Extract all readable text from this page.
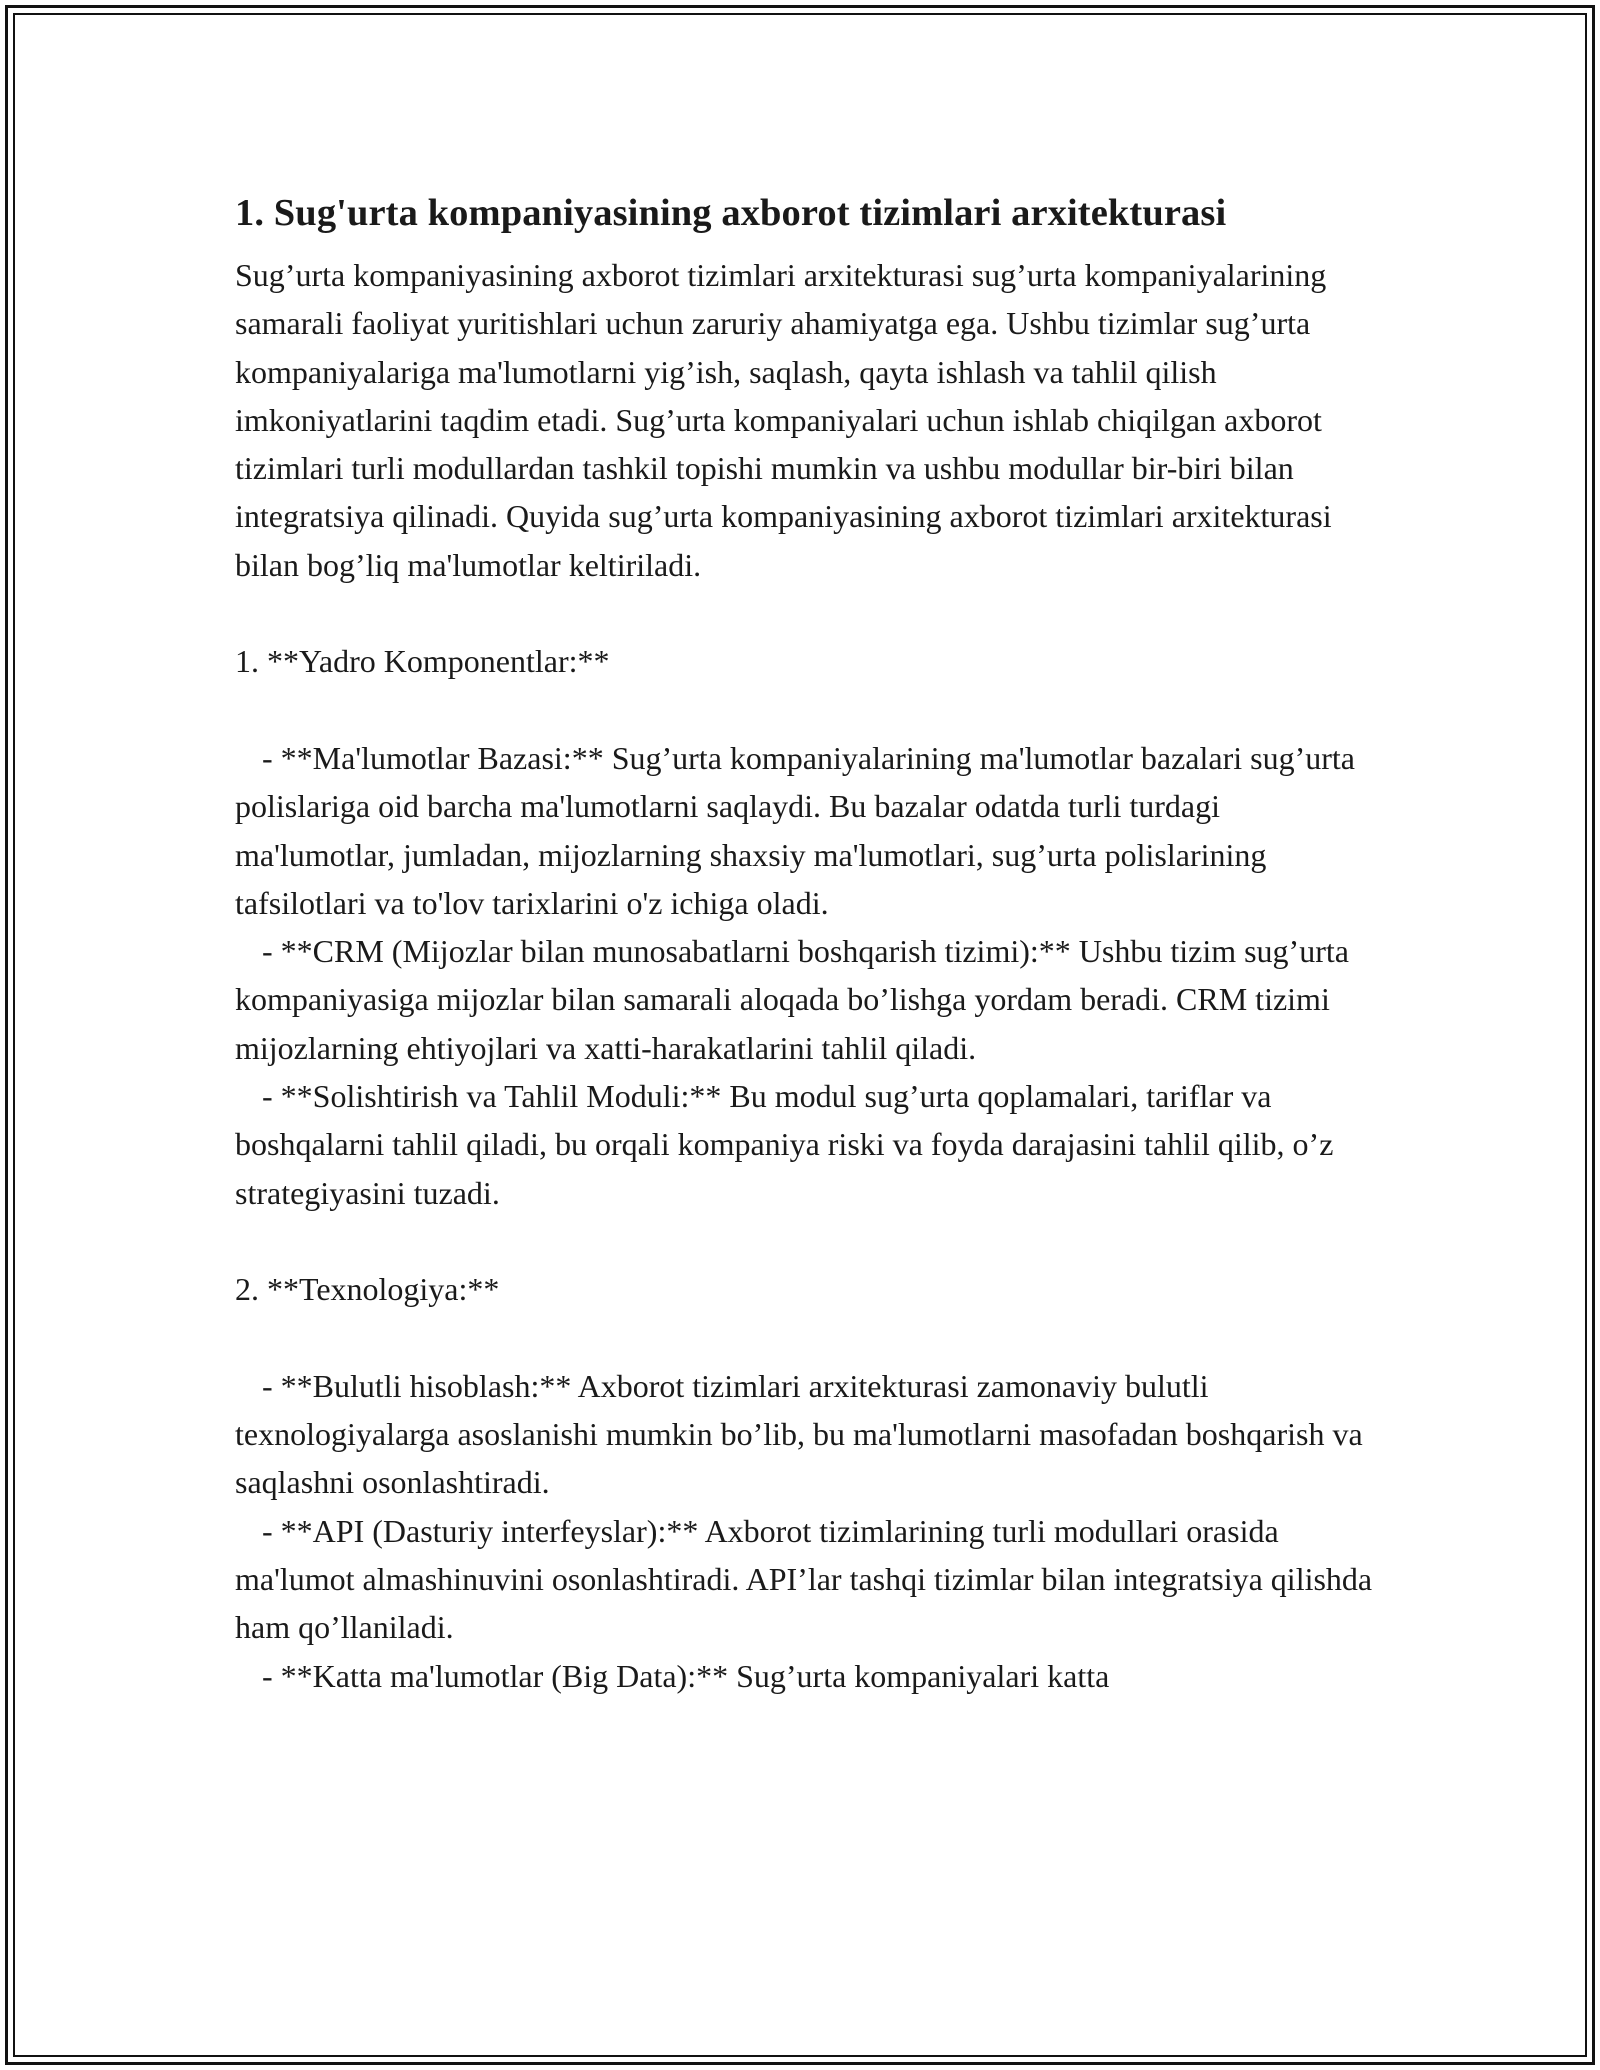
1. Sug'urta kompaniyasining axborot tizimlari arxitekturasi

Sug’urta kompaniyasining axborot tizimlari arxitekturasi sug’urta kompaniyalarining samarali faoliyat yuritishlari uchun zaruriy ahamiyatga ega. Ushbu tizimlar sug’urta kompaniyalariga ma'lumotlarni yig’ish, saqlash, qayta ishlash va tahlil qilish imkoniyatlarini taqdim etadi. Sug’urta kompaniyalari uchun ishlab chiqilgan axborot tizimlari turli modullardan tashkil topishi mumkin va ushbu modullar bir-biri bilan integratsiya qilinadi. Quyida sug’urta kompaniyasining axborot tizimlari arxitekturasi bilan bog’liq ma'lumotlar keltiriladi.

1. **Yadro Komponentlar:**

- **Ma'lumotlar Bazasi:** Sug’urta kompaniyalarining ma'lumotlar bazalari sug’urta polislariga oid barcha ma'lumotlarni saqlaydi. Bu bazalar odatda turli turdagi ma'lumotlar, jumladan, mijozlarning shaxsiy ma'lumotlari, sug’urta polislarining tafsilotlari va to'lov tarixlarini o'z ichiga oladi.

- **CRM (Mijozlar bilan munosabatlarni boshqarish tizimi):** Ushbu tizim sug’urta kompaniyasiga mijozlar bilan samarali aloqada bo’lishga yordam beradi. CRM tizimi mijozlarning ehtiyojlari va xatti-harakatlarini tahlil qiladi.

- **Solishtirish va Tahlil Moduli:** Bu modul sug’urta qoplamalari, tariflar va boshqalarni tahlil qiladi, bu orqali kompaniya riski va foyda darajasini tahlil qilib, o’z strategiyasini tuzadi.

2. **Texnologiya:**

- **Bulutli hisoblash:** Axborot tizimlari arxitekturasi zamonaviy bulutli texnologiyalarga asoslanishi mumkin bo’lib, bu ma'lumotlarni masofadan boshqarish va saqlashni osonlashtiradi.

- **API (Dasturiy interfeyslar):** Axborot tizimlarining turli modullari orasida ma'lumot almashinuvini osonlashtiradi. API’lar tashqi tizimlar bilan integratsiya qilishda ham qo’llaniladi.

- **Katta ma'lumotlar (Big Data):** Sug’urta kompaniyalari katta
